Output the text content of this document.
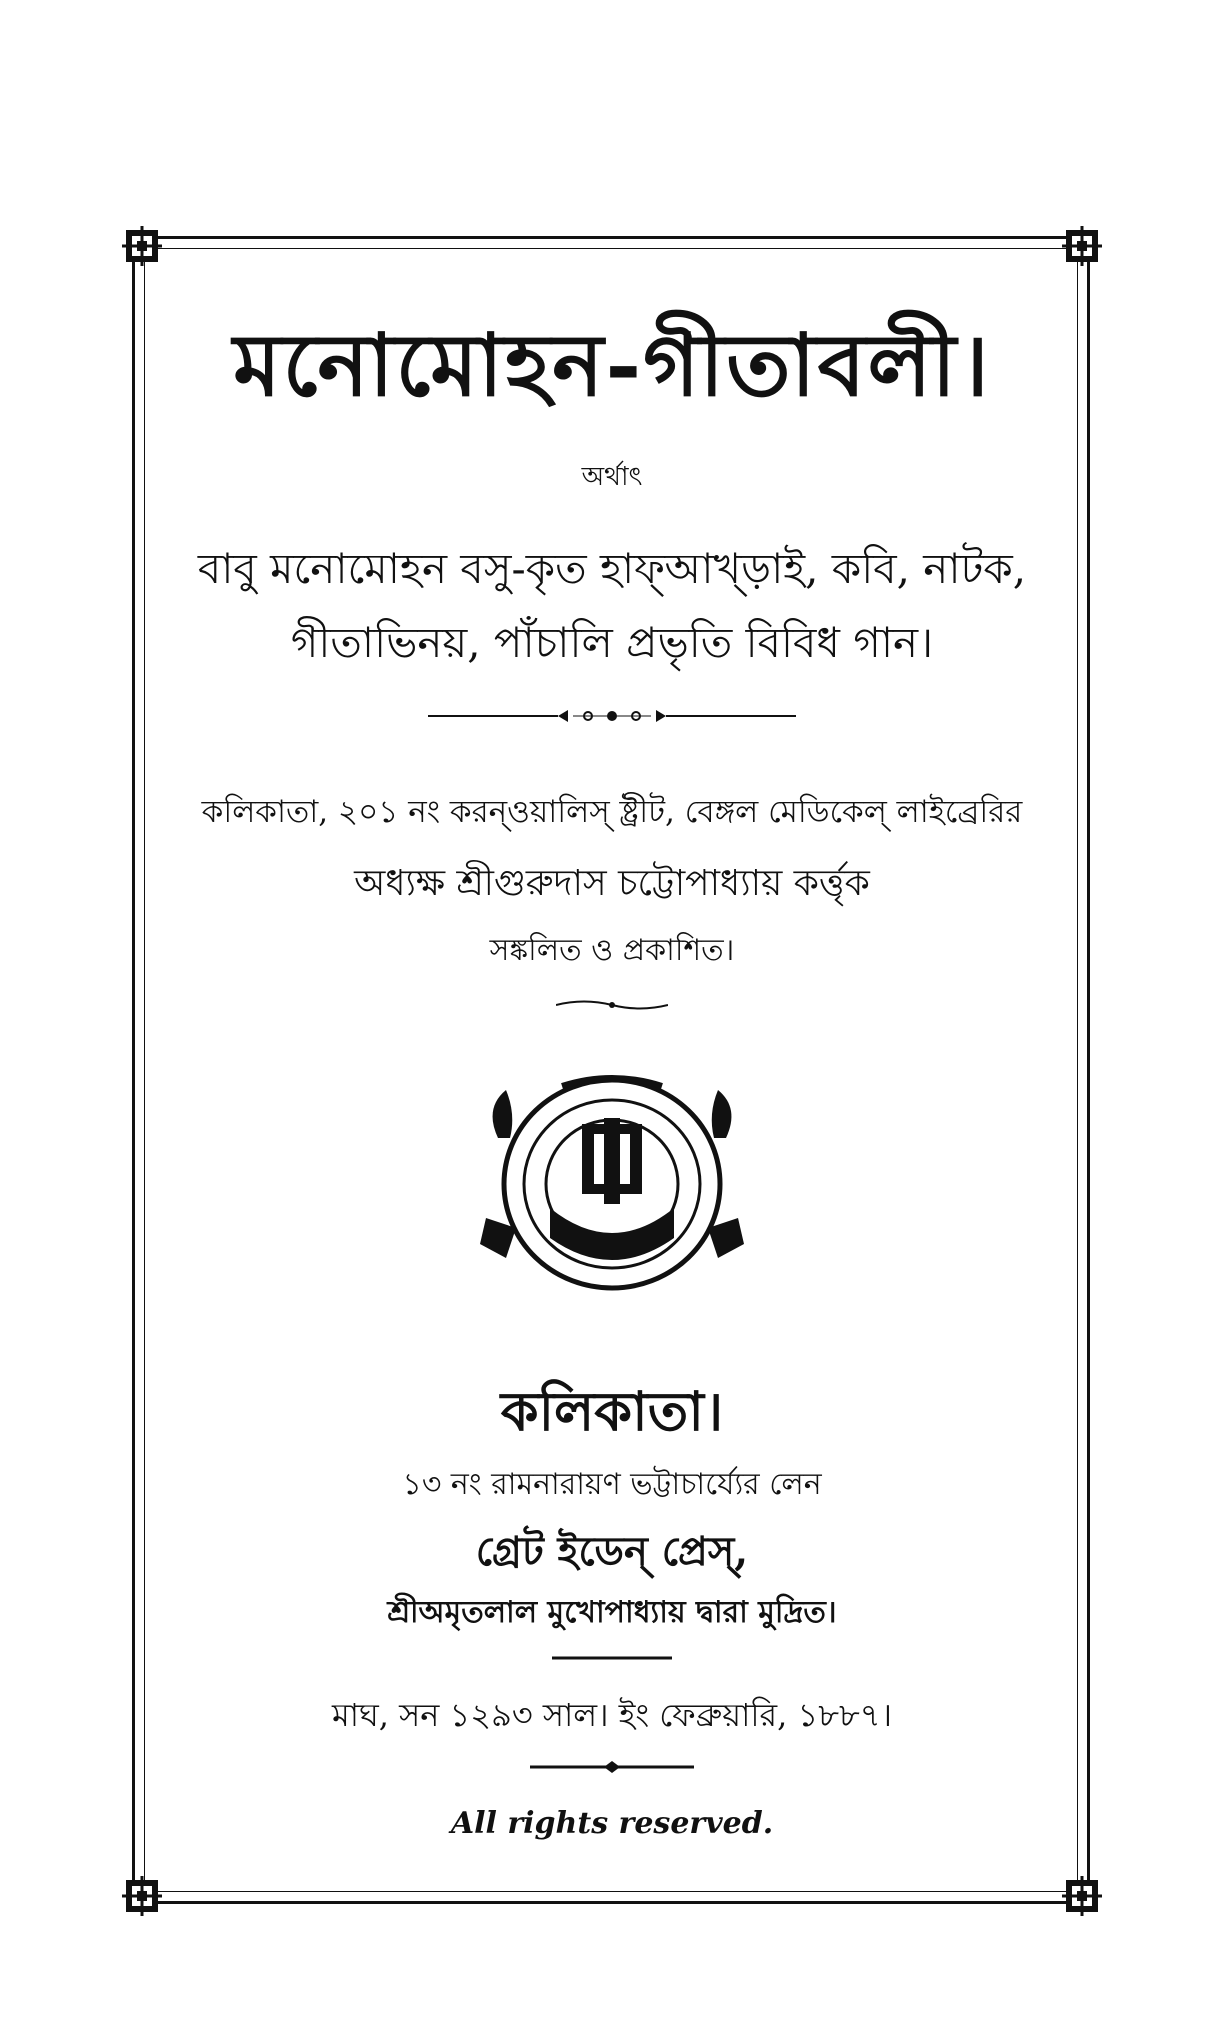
মনোমোহন-গীতাবলী।
অর্থাৎ
বাবু মনোমোহন বসু-কৃত হাফ্‌আখ্‌ড়াই, কবি, নাটক,
গীতাভিনয়, পাঁচালি প্রভৃতি বিবিধ গান।
কলিকাতা, ২০১ নং করন্‌ওয়ালিস্‌ ষ্ট্রীট, বেঙ্গল মেডিকেল্‌ লাইব্রেরির
অধ্যক্ষ শ্রীগুরুদাস চট্টোপাধ্যায় কর্ত্তৃক
সঙ্কলিত ও প্রকাশিত।
কলিকাতা।
১৩ নং রামনারায়ণ ভট্টাচার্য্যের লেন
গ্রেট ইডেন্‌ প্রেস্‌,
শ্রীঅমৃতলাল মুখোপাধ্যায় দ্বারা মুদ্রিত।
মাঘ, সন ১২৯৩ সাল। ইং ফেব্রুয়ারি, ১৮৮৭।
All rights reserved.
